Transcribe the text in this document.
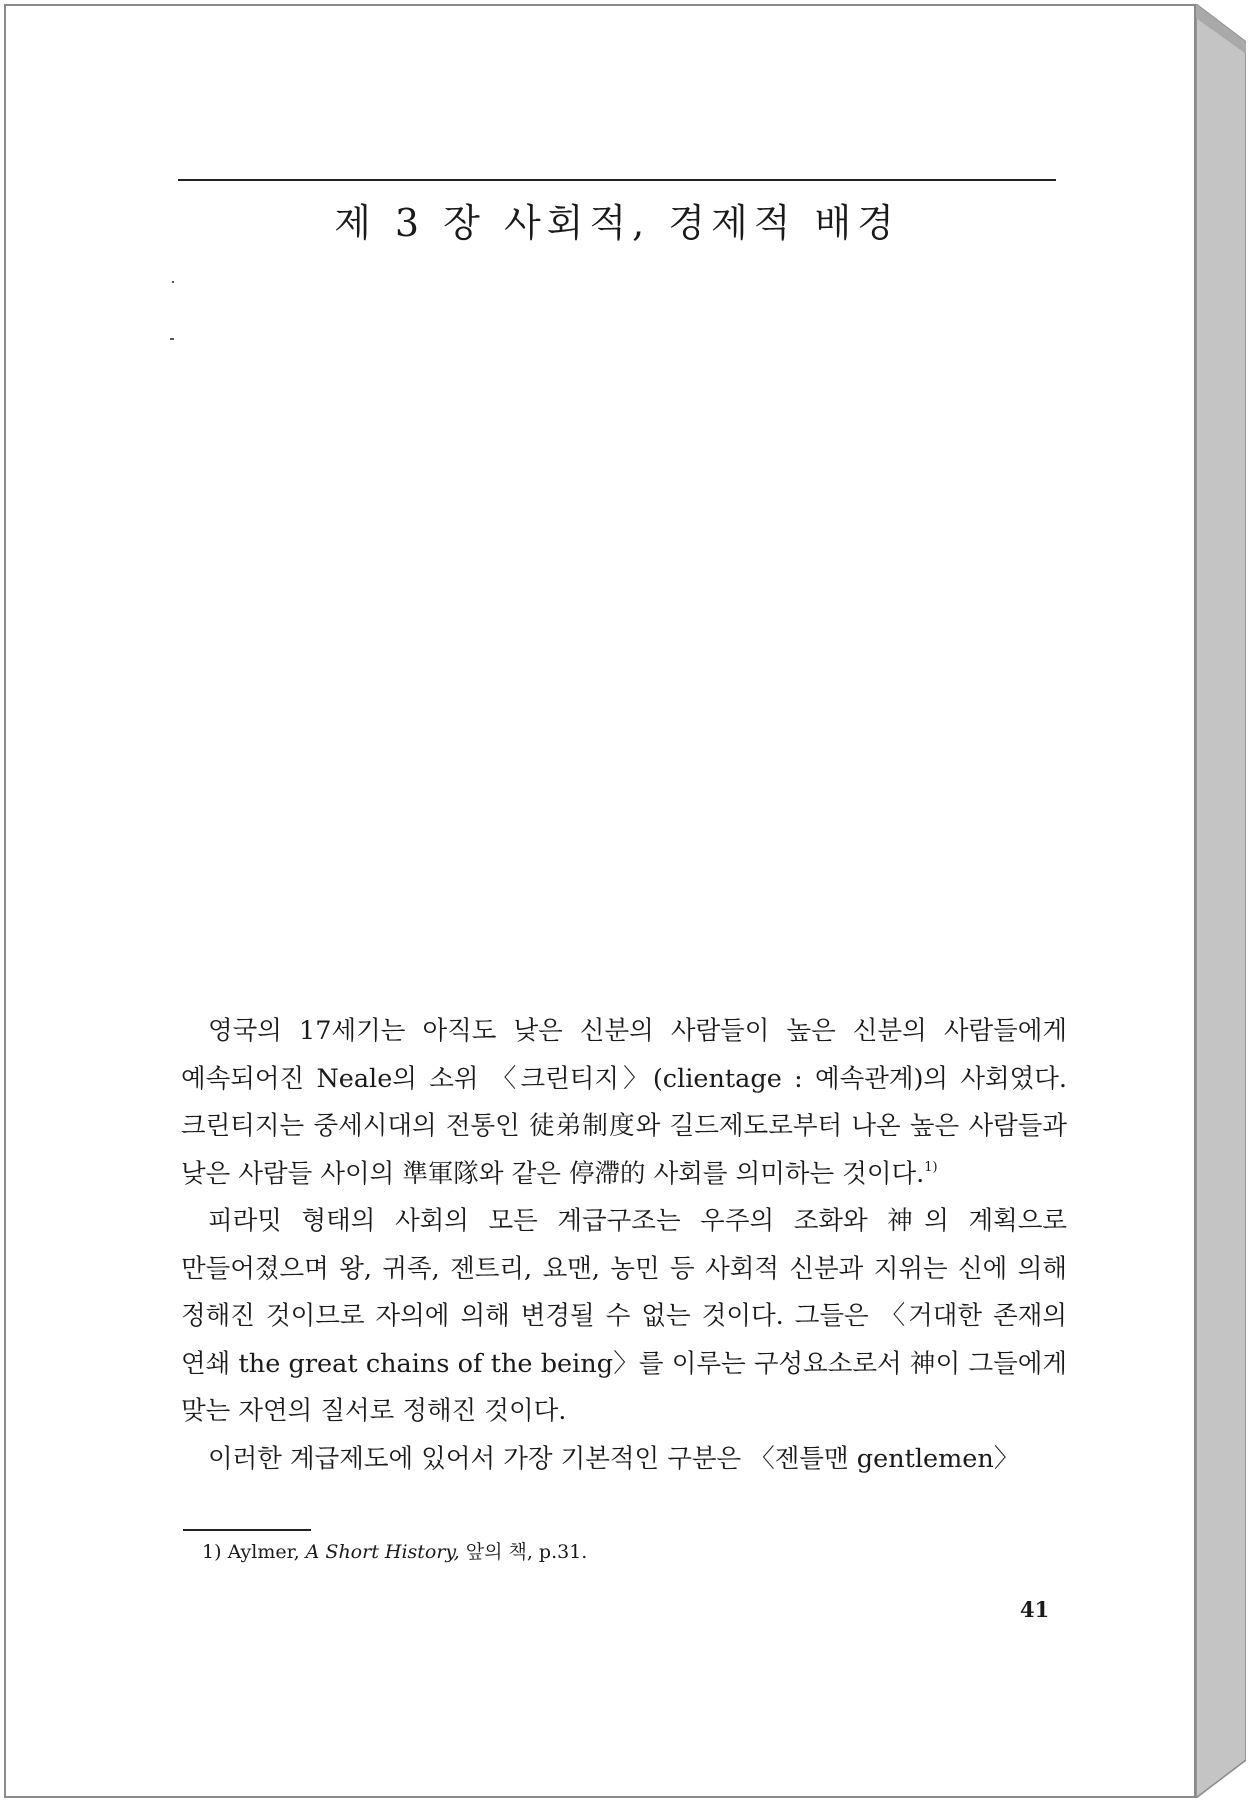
제 3 장 사회적, 경제적 배경

영국의 17세기는 아직도 낮은 신분의 사람들이 높은 신분의 사람들에게 예속되어진 Neale의 소위 〈크린티지〉(clientage : 예속관계)의 사회였다. 크린티지는 중세시대의 전통인 徒弟制度와 길드제도로부터 나온 높은 사람들과 낮은 사람들 사이의 準軍隊와 같은 停滯的 사회를 의미하는 것이다.$^{1)}$

피라밋 형태의 사회의 모든 계급구조는 우주의 조화와 神의 계획으로 만들어졌으며 왕, 귀족, 젠트리, 요맨, 농민 등 사회적 신분과 지위는 신에 의해 정해진 것이므로 자의에 의해 변경될 수 없는 것이다. 그들은 〈거대한 존재의 연쇄 the great chains of the being〉를 이루는 구성요소로서 神이 그들에게 맞는 자연의 질서로 정해진 것이다.

이러한 계급제도에 있어서 가장 기본적인 구분은 〈젠틀맨 gentlemen〉

1) Aylmer, A Short History, 앞의 책, p.31.

41
